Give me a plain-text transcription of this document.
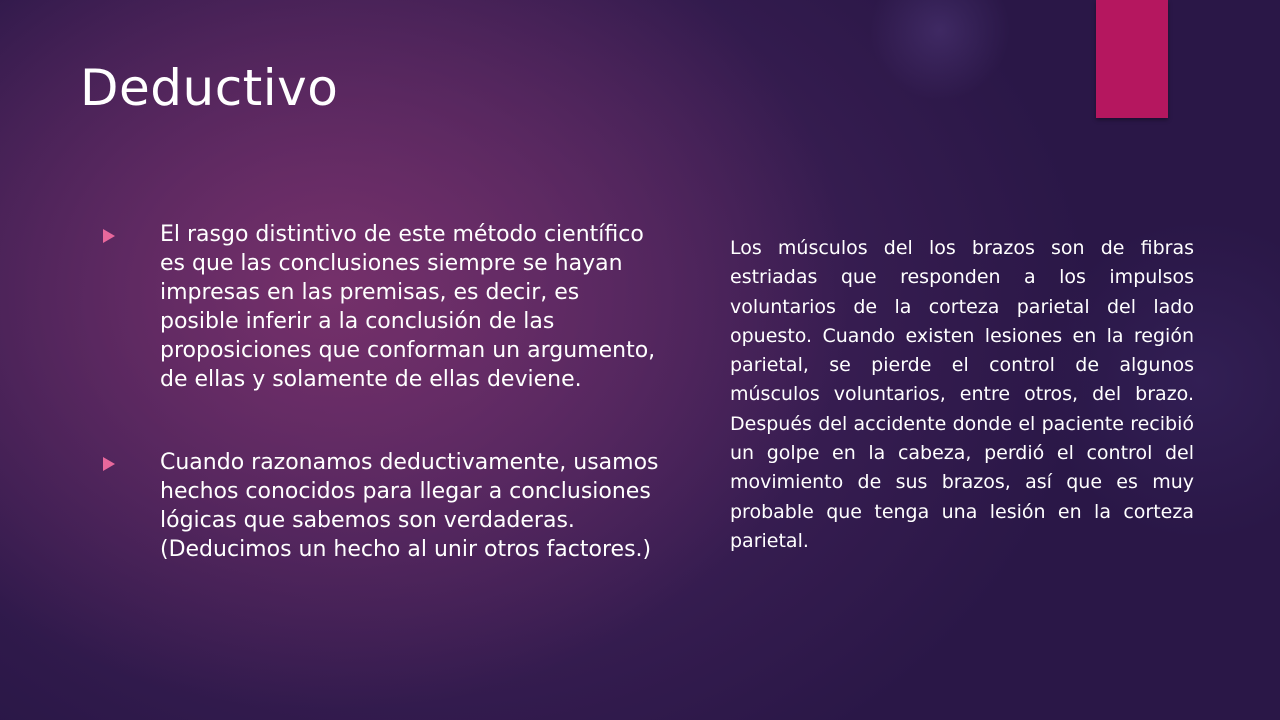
Deductivo
El rasgo distintivo de este método científico es que las conclusiones siempre se hayan impresas en las premisas, es decir, es posible inferir a la conclusión de las proposiciones que conforman un argumento, de ellas y solamente de ellas deviene.
Cuando razonamos deductivamente, usamos hechos conocidos para llegar a conclusiones lógicas que sabemos son verdaderas. (Deducimos un hecho al unir otros factores.)

Los músculos del los brazos son de fibras estriadas que responden a los impulsos voluntarios de la corteza parietal del lado opuesto. Cuando existen lesiones en la región parietal, se pierde el control de algunos músculos voluntarios, entre otros, del brazo. Después del accidente donde el paciente recibió un golpe en la cabeza, perdió el control del movimiento de sus brazos, así que es muy probable que tenga una lesión en la corteza parietal.
